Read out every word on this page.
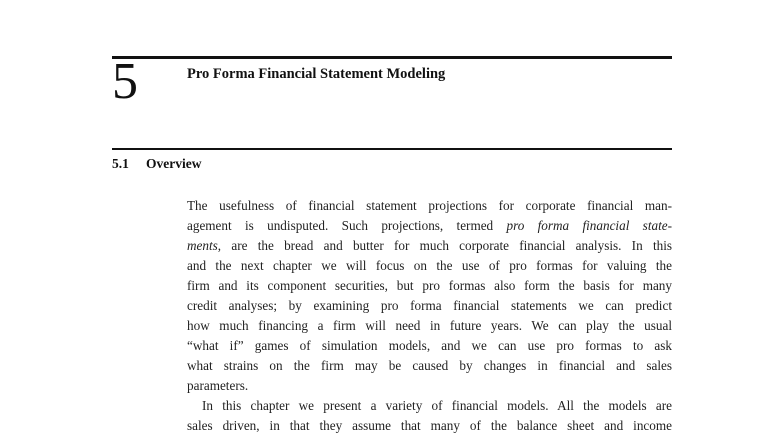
5	Pro Forma Financial Statement Modeling
5.1 Overview
The usefulness of financial statement projections for corporate financial man-
agement is undisputed. Such projections, termed pro forma financial state-
ments, are the bread and butter for much corporate financial analysis. In this
and the next chapter we will focus on the use of pro formas for valuing the
firm and its component securities, but pro formas also form the basis for many
credit analyses; by examining pro forma financial statements we can predict
how much financing a firm will need in future years. We can play the usual
“what if” games of simulation models, and we can use pro formas to ask
what strains on the firm may be caused by changes in financial and sales
parameters.
In this chapter we present a variety of financial models. All the models are
sales driven, in that they assume that many of the balance sheet and income
